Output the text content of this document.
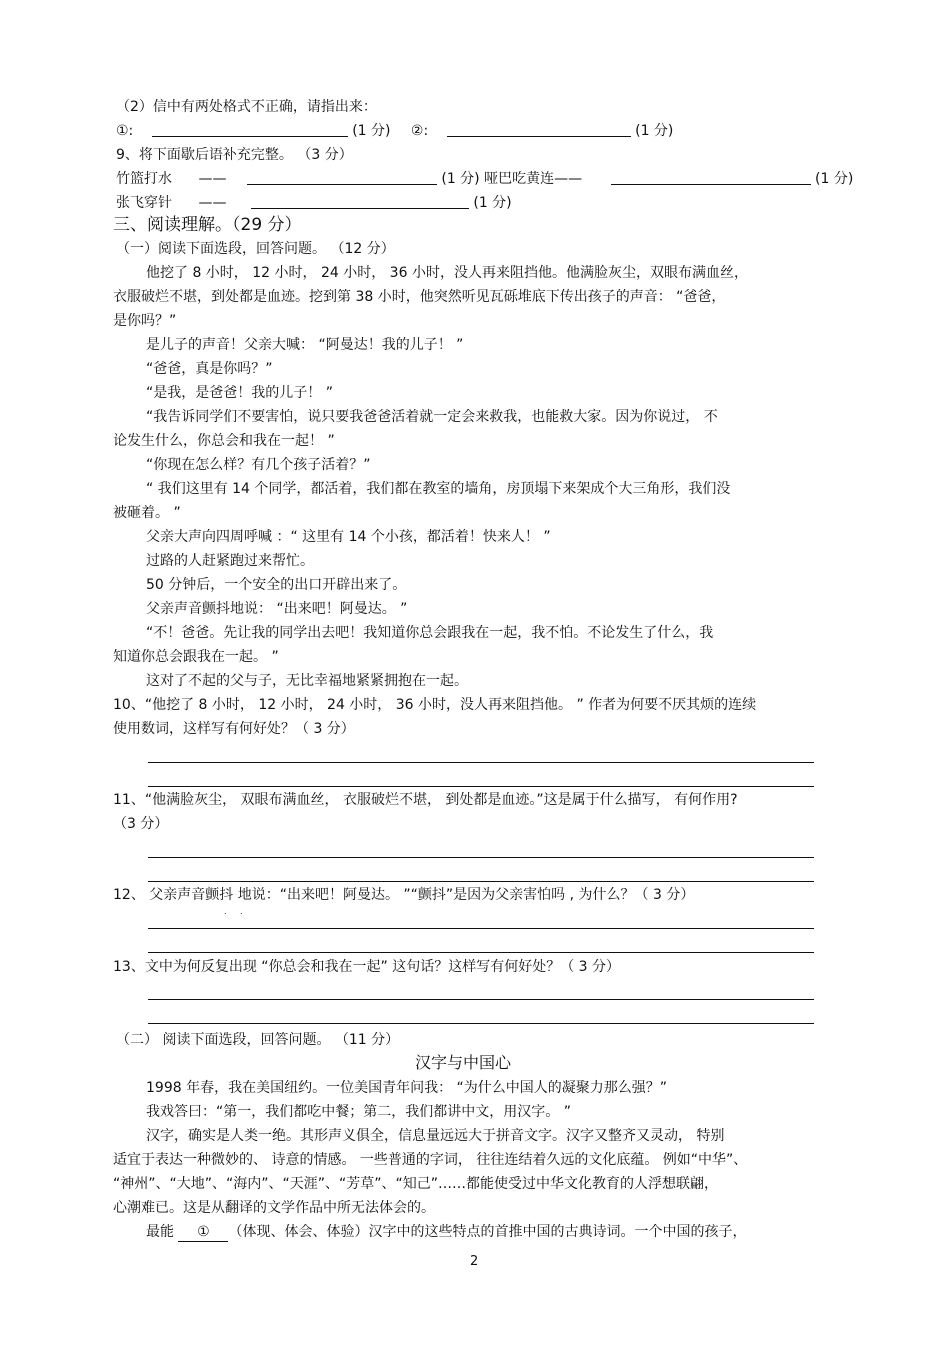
（2）信中有两处格式不正确，请指出来：
①:	(1 分) ②:	(1 分)
9、将下面歇后语补充完整。 （3 分）
竹篮打水 ——	(1 分) 哑巴吃黄连——	(1 分)
张飞穿针 ——	(1 分)
三、阅读理解。（29 分）
（一）阅读下面选段，回答问题。 （12 分）
他挖了 8 小时， 12 小时， 24 小时， 36 小时，没人再来阻挡他。他满脸灰尘，双眼布满血丝，
衣服破烂不堪，到处都是血迹。挖到第 38 小时，他突然听见瓦砾堆底下传出孩子的声音： “爸爸，
是你吗？”
是儿子的声音！父亲大喊： “阿曼达！我的儿子！ ”
“爸爸，真是你吗？”
“是我，是爸爸！我的儿子！ ”
“我告诉同学们不要害怕，说只要我爸爸活着就一定会来救我，也能救大家。因为你说过， 不
论发生什么，你总会和我在一起！ ”
“你现在怎么样？有几个孩子活着？”
“ 我们这里有 14 个同学，都活着，我们都在教室的墙角，房顶塌下来架成个大三角形，我们没
被砸着。 ”
父亲大声向四周呼喊 ：“ 这里有 14 个小孩，都活着！快来人！ ”
过路的人赶紧跑过来帮忙。
50 分钟后，一个安全的出口开辟出来了。
父亲声音颤抖地说： “出来吧！阿曼达。 ”
“不！爸爸。先让我的同学出去吧！我知道你总会跟我在一起，我不怕。不论发生了什么，我
知道你总会跟我在一起。 ”
这对了不起的父与子，无比幸福地紧紧拥抱在一起。
10、“他挖了 8 小时， 12 小时， 24 小时， 36 小时，没人再来阻挡他。 ” 作者为何要不厌其烦的连续
使用数词，这样写有何好处？（ 3 分）
11、“他满脸灰尘， 双眼布满血丝， 衣服破烂不堪， 到处都是血迹。”这是属于什么描写， 有何作用?
（3 分）
12、 父亲声音颤抖 地说：“出来吧！阿曼达。 ”“颤抖”是因为父亲害怕吗 , 为什么？（ 3 分）
. .
13、文中为何反复出现 “你总会和我在一起” 这句话？这样写有何好处？（ 3 分）
（二） 阅读下面选段，回答问题。 （11 分）
汉字与中国心
1998 年春，我在美国纽约。一位美国青年问我： “为什么中国人的凝聚力那么强？”
我戏答曰：“第一，我们都吃中餐；第二，我们都讲中文，用汉字。 ”
汉字，确实是人类一绝。其形声义俱全，信息量远远大于拼音文字。汉字又整齐又灵动， 特别
适宜于表达一种微妙的、 诗意的情感。 一些普通的字词， 往往连结着久远的文化底蕴。 例如“中华”、
“神州”、“大地”、“海内”、“天涯”、“芳草”、“知己”……都能使受过中华文化教育的人浮想联翩，
心潮难已。这是从翻译的文学作品中所无法体会的。
最能 ① （体现、体会、体验）汉字中的这些特点的首推中国的古典诗词。一个中国的孩子，
2
